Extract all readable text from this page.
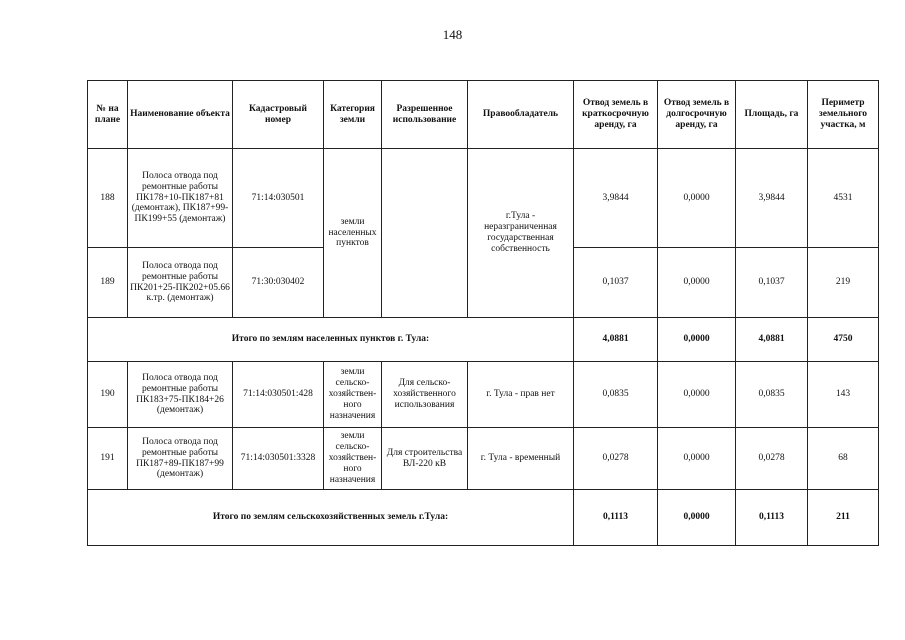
148
№ на плане	Наименование объекта	Кадастровый номер	Категория земли	Разрешенное использование	Правообладатель	Отвод земель в краткосрочную аренду, га	Отвод земель в долгосрочную аренду, га	Площадь, га	Периметр земельного участка, м
188	Полоса отвода под ремонтные работы ПК178+10-ПК187+81 (демонтаж), ПК187+99-ПК199+55 (демонтаж)	71:14:030501	земли населенных пунктов		г.Тула - неразграниченная государственная собственность	3,9844	0,0000	3,9844	4531
189	Полоса отвода под ремонтные работы ПК201+25-ПК202+05.66 к.тр. (демонтаж)	71:30:030402				0,1037	0,0000	0,1037	219
Итого по землям населенных пунктов г. Тула:						4,0881	0,0000	4,0881	4750
190	Полоса отвода под ремонтные работы ПК183+75-ПК184+26 (демонтаж)	71:14:030501:428	земли сельско-хозяйствен-ного назначения	Для сельско-хозяйственного использования	г. Тула - прав нет	0,0835	0,0000	0,0835	143
191	Полоса отвода под ремонтные работы ПК187+89-ПК187+99 (демонтаж)	71:14:030501:3328	земли сельско-хозяйствен-ного назначения	Для строительства ВЛ-220 кВ	г. Тула - временный	0,0278	0,0000	0,0278	68
Итого по землям сельскохозяйственных земель г.Тула:						0,1113	0,0000	0,1113	211
